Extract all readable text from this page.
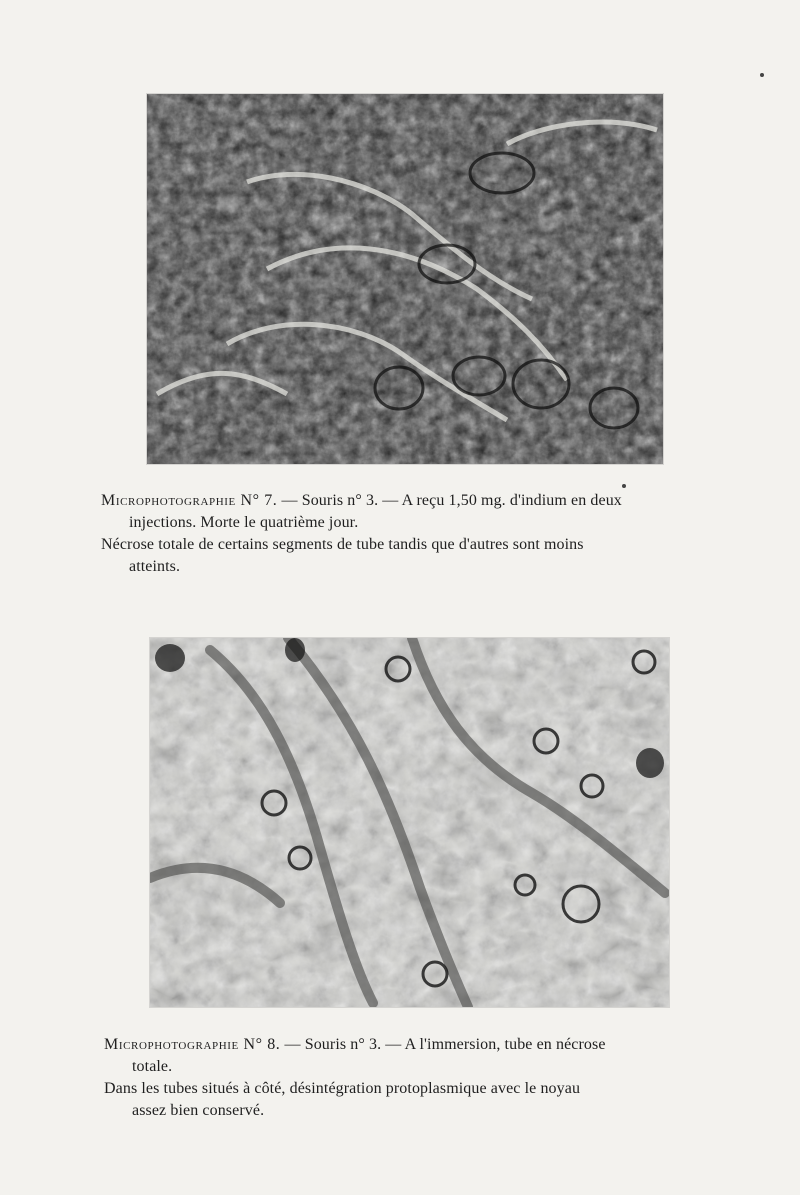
Microphotographie N° 7. — Souris n° 3. — A reçu 1,50 mg. d'indium en deux
injections. Morte le quatrième jour.
Nécrose totale de certains segments de tube tandis que d'autres sont moins
atteints.
Microphotographie N° 8. — Souris n° 3. — A l'immersion, tube en nécrose
totale.
Dans les tubes situés à côté, désintégration protoplasmique avec le noyau
assez bien conservé.
